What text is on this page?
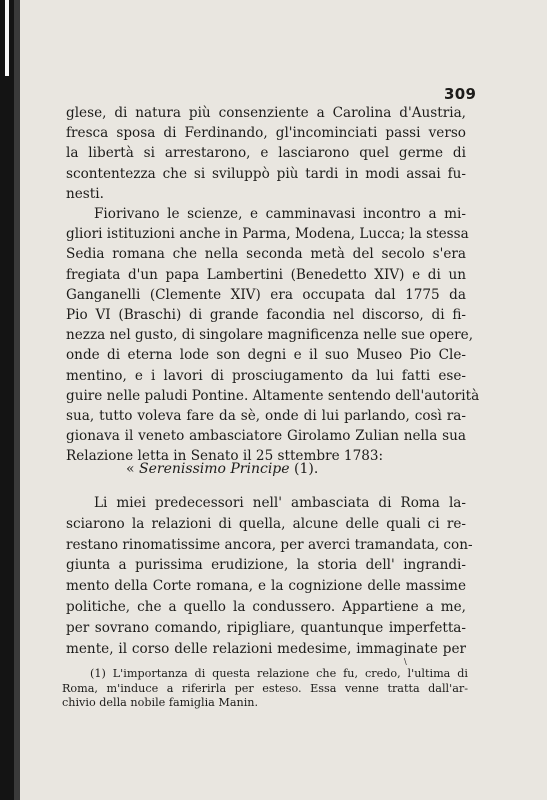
309
glese, di natura più consenziente a Carolina d'Austria,
fresca sposa di Ferdinando, gl'incominciati passi verso
la libertà si arrestarono, e lasciarono quel germe di
scontentezza che si sviluppò più tardi in modi assai fu-
nesti.
Fiorivano le scienze, e camminavasi incontro a mi-
gliori istituzioni anche in Parma, Modena, Lucca; la stessa
Sedia romana che nella seconda metà del secolo s'era
fregiata d'un papa Lambertini (Benedetto XIV) e di un
Ganganelli (Clemente XIV) era occupata dal 1775 da
Pio VI (Braschi) di grande facondia nel discorso, di fi-
nezza nel gusto, di singolare magnificenza nelle sue opere,
onde di eterna lode son degni e il suo Museo Pio Cle-
mentino, e i lavori di prosciugamento da lui fatti ese-
guire nelle paludi Pontine. Altamente sentendo dell'autorità
sua, tutto voleva fare da sè, onde di lui parlando, così ra-
gionava il veneto ambasciatore Girolamo Zulian nella sua
Relazione letta in Senato il 25 sttembre 1783:
« Serenissimo Principe (1).
Li miei predecessori nell' ambasciata di Roma la-
sciarono la relazioni di quella, alcune delle quali ci re-
restano rinomatissime ancora, per averci tramandata, con-
giunta a purissima erudizione, la storia dell' ingrandi-
mento della Corte romana, e la cognizione delle massime
politiche, che a quello la condussero. Appartiene a me,
per sovrano comando, ripigliare, quantunque imperfetta-
mente, il corso delle relazioni medesime, immaginate per
\
(1) L'importanza di questa relazione che fu, credo, l'ultima di
Roma, m'induce a riferirla per esteso. Essa venne tratta dall'ar-
chivio della nobile famiglia Manin.
